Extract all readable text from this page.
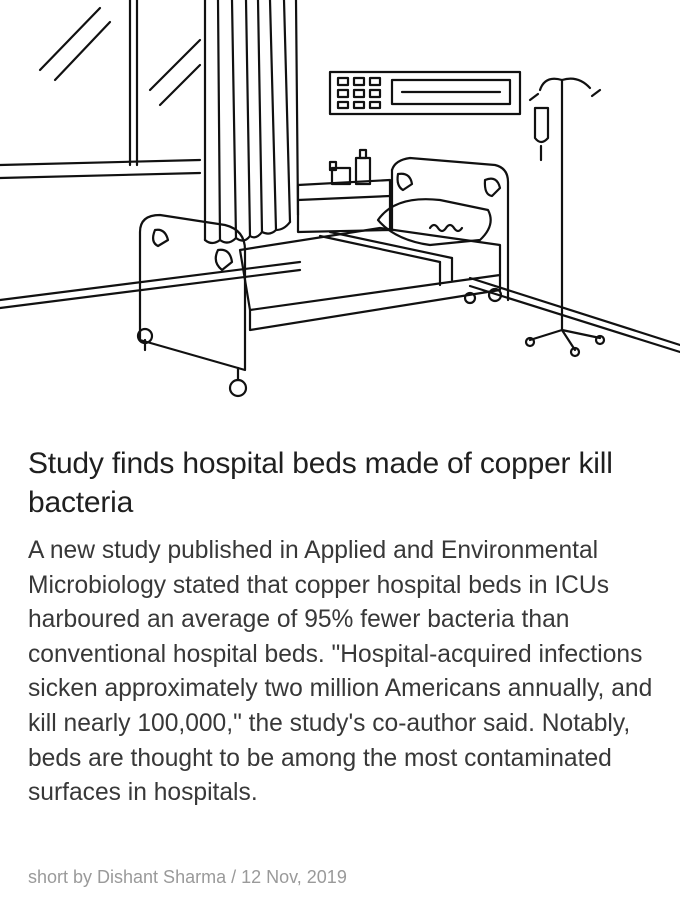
Study finds hospital beds made of copper kill bacteria

A new study published in Applied and Environmental Microbiology stated that copper hospital beds in ICUs harboured an average of 95% fewer bacteria than conventional hospital beds. "Hospital-acquired infections sicken approximately two million Americans annually, and kill nearly 100,000," the study's co-author said. Notably, beds are thought to be among the most contaminated surfaces in hospitals.

short by Dishant Sharma / 12 Nov, 2019
